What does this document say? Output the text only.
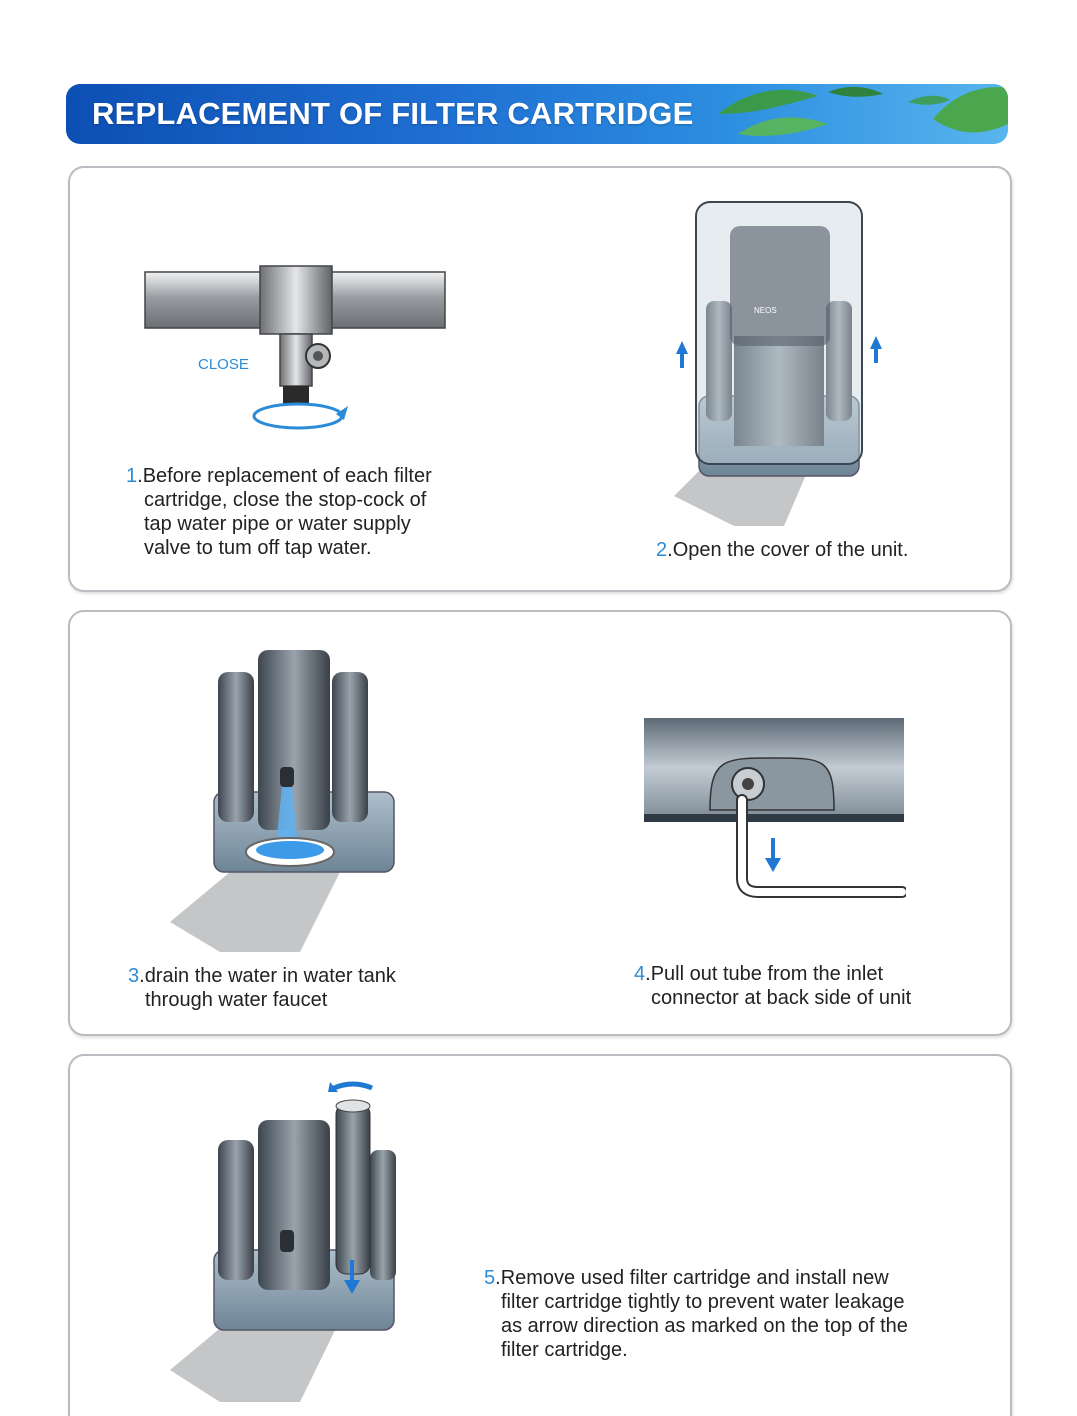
REPLACEMENT OF FILTER CARTRIDGE
CLOSE

1.Before replacement of each filter
cartridge, close the stop-cock of
tap water pipe or water supply
valve to tum off tap water.

NEOS

2.Open the cover of the unit.

3.drain the water in water tank
through water faucet

4.Pull out tube from the inlet
connector at back side of unit

5.Remove used filter cartridge and install new
filter cartridge tightly to prevent water leakage
as arrow direction as marked on the top of the
filter cartridge.
